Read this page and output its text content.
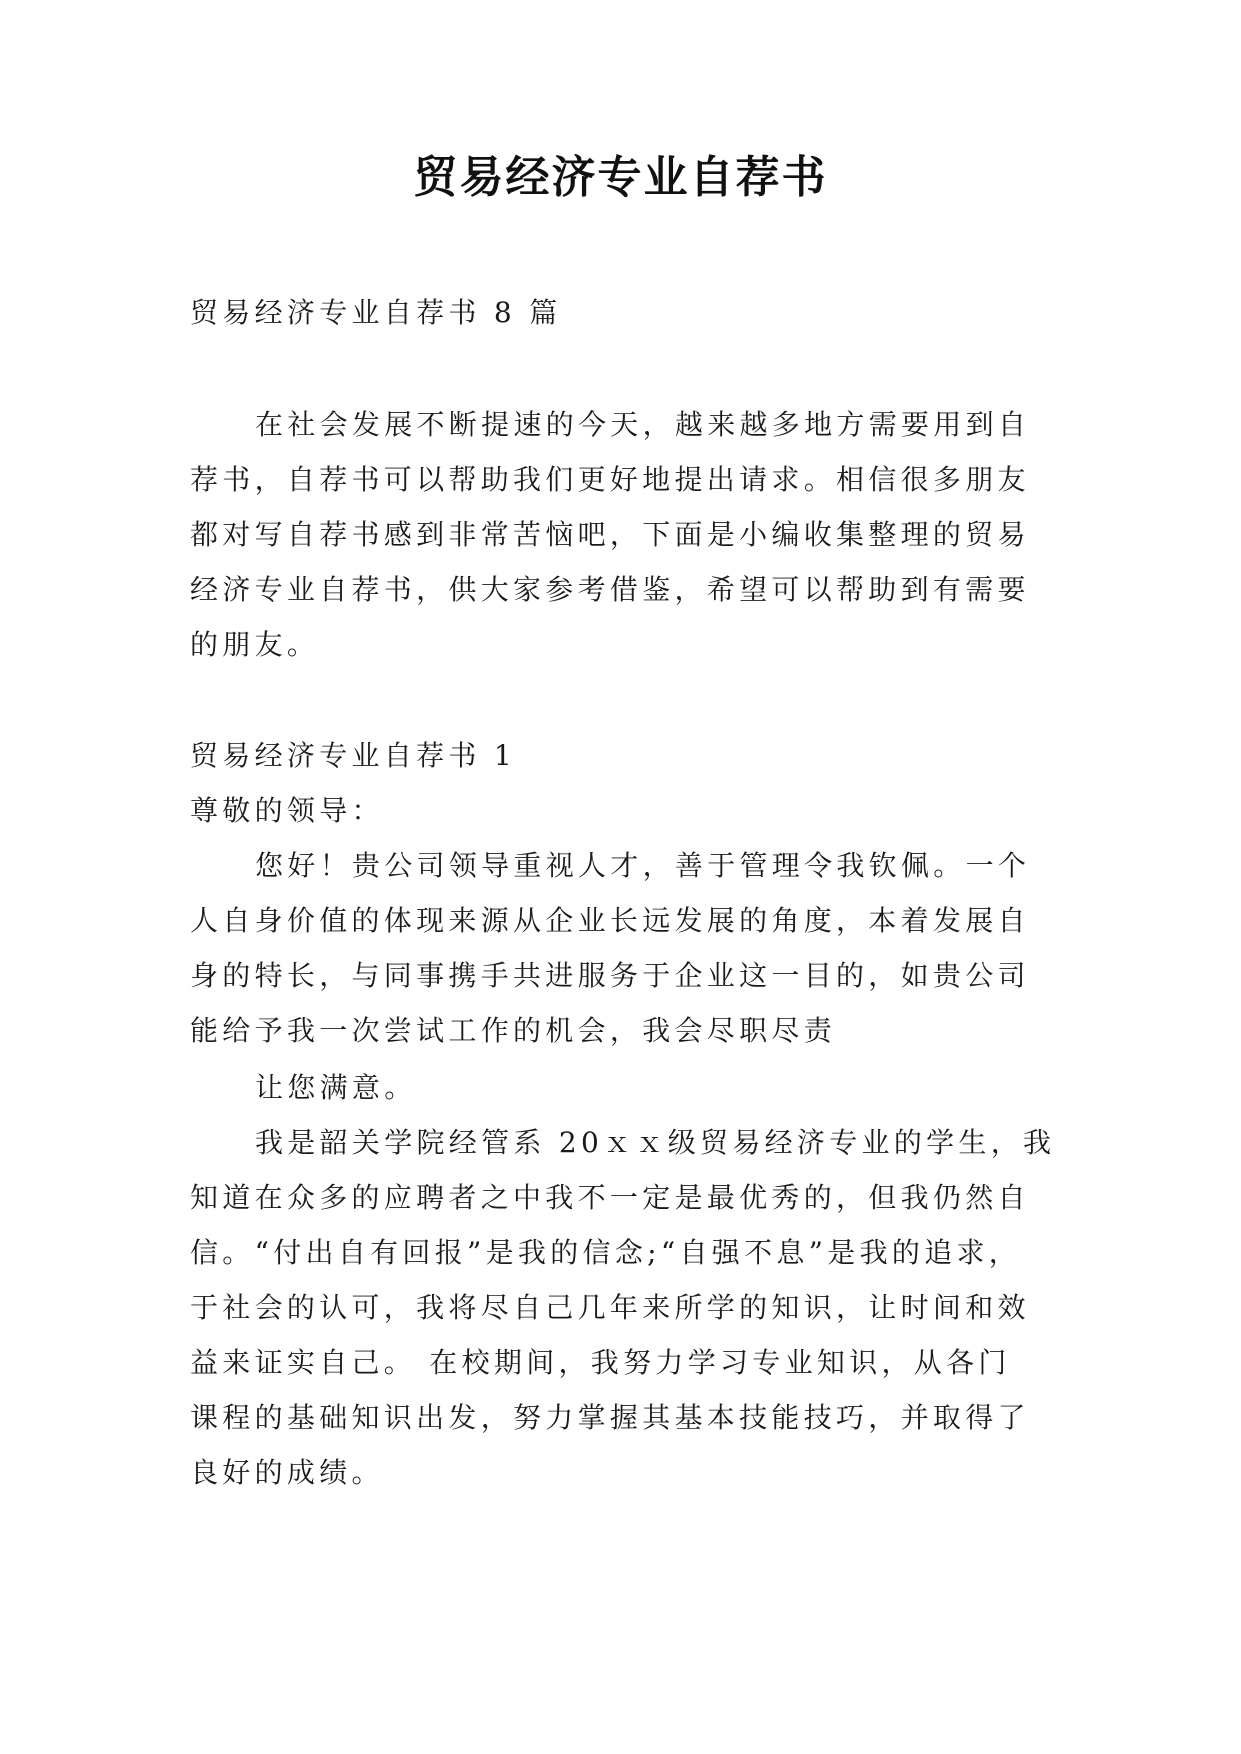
贸易经济专业自荐书
贸易经济专业自荐书 8 篇
在社会发展不断提速的今天，越来越多地方需要用到自
荐书，自荐书可以帮助我们更好地提出请求。相信很多朋友
都对写自荐书感到非常苦恼吧，下面是小编收集整理的贸易
经济专业自荐书，供大家参考借鉴，希望可以帮助到有需要
的朋友。
贸易经济专业自荐书 1
尊敬的领导：
您好！贵公司领导重视人才，善于管理令我钦佩。一个
人自身价值的体现来源从企业长远发展的角度，本着发展自
身的特长，与同事携手共进服务于企业这一目的，如贵公司
能给予我一次尝试工作的机会，我会尽职尽责
让您满意。
我是韶关学院经管系 20ｘｘ级贸易经济专业的学生，我
知道在众多的应聘者之中我不一定是最优秀的，但我仍然自
信。“付出自有回报”是我的信念;“自强不息”是我的追求，
于社会的认可，我将尽自己几年来所学的知识，让时间和效
益来证实自己。 在校期间，我努力学习专业知识，从各门
课程的基础知识出发，努力掌握其基本技能技巧，并取得了
良好的成绩。
